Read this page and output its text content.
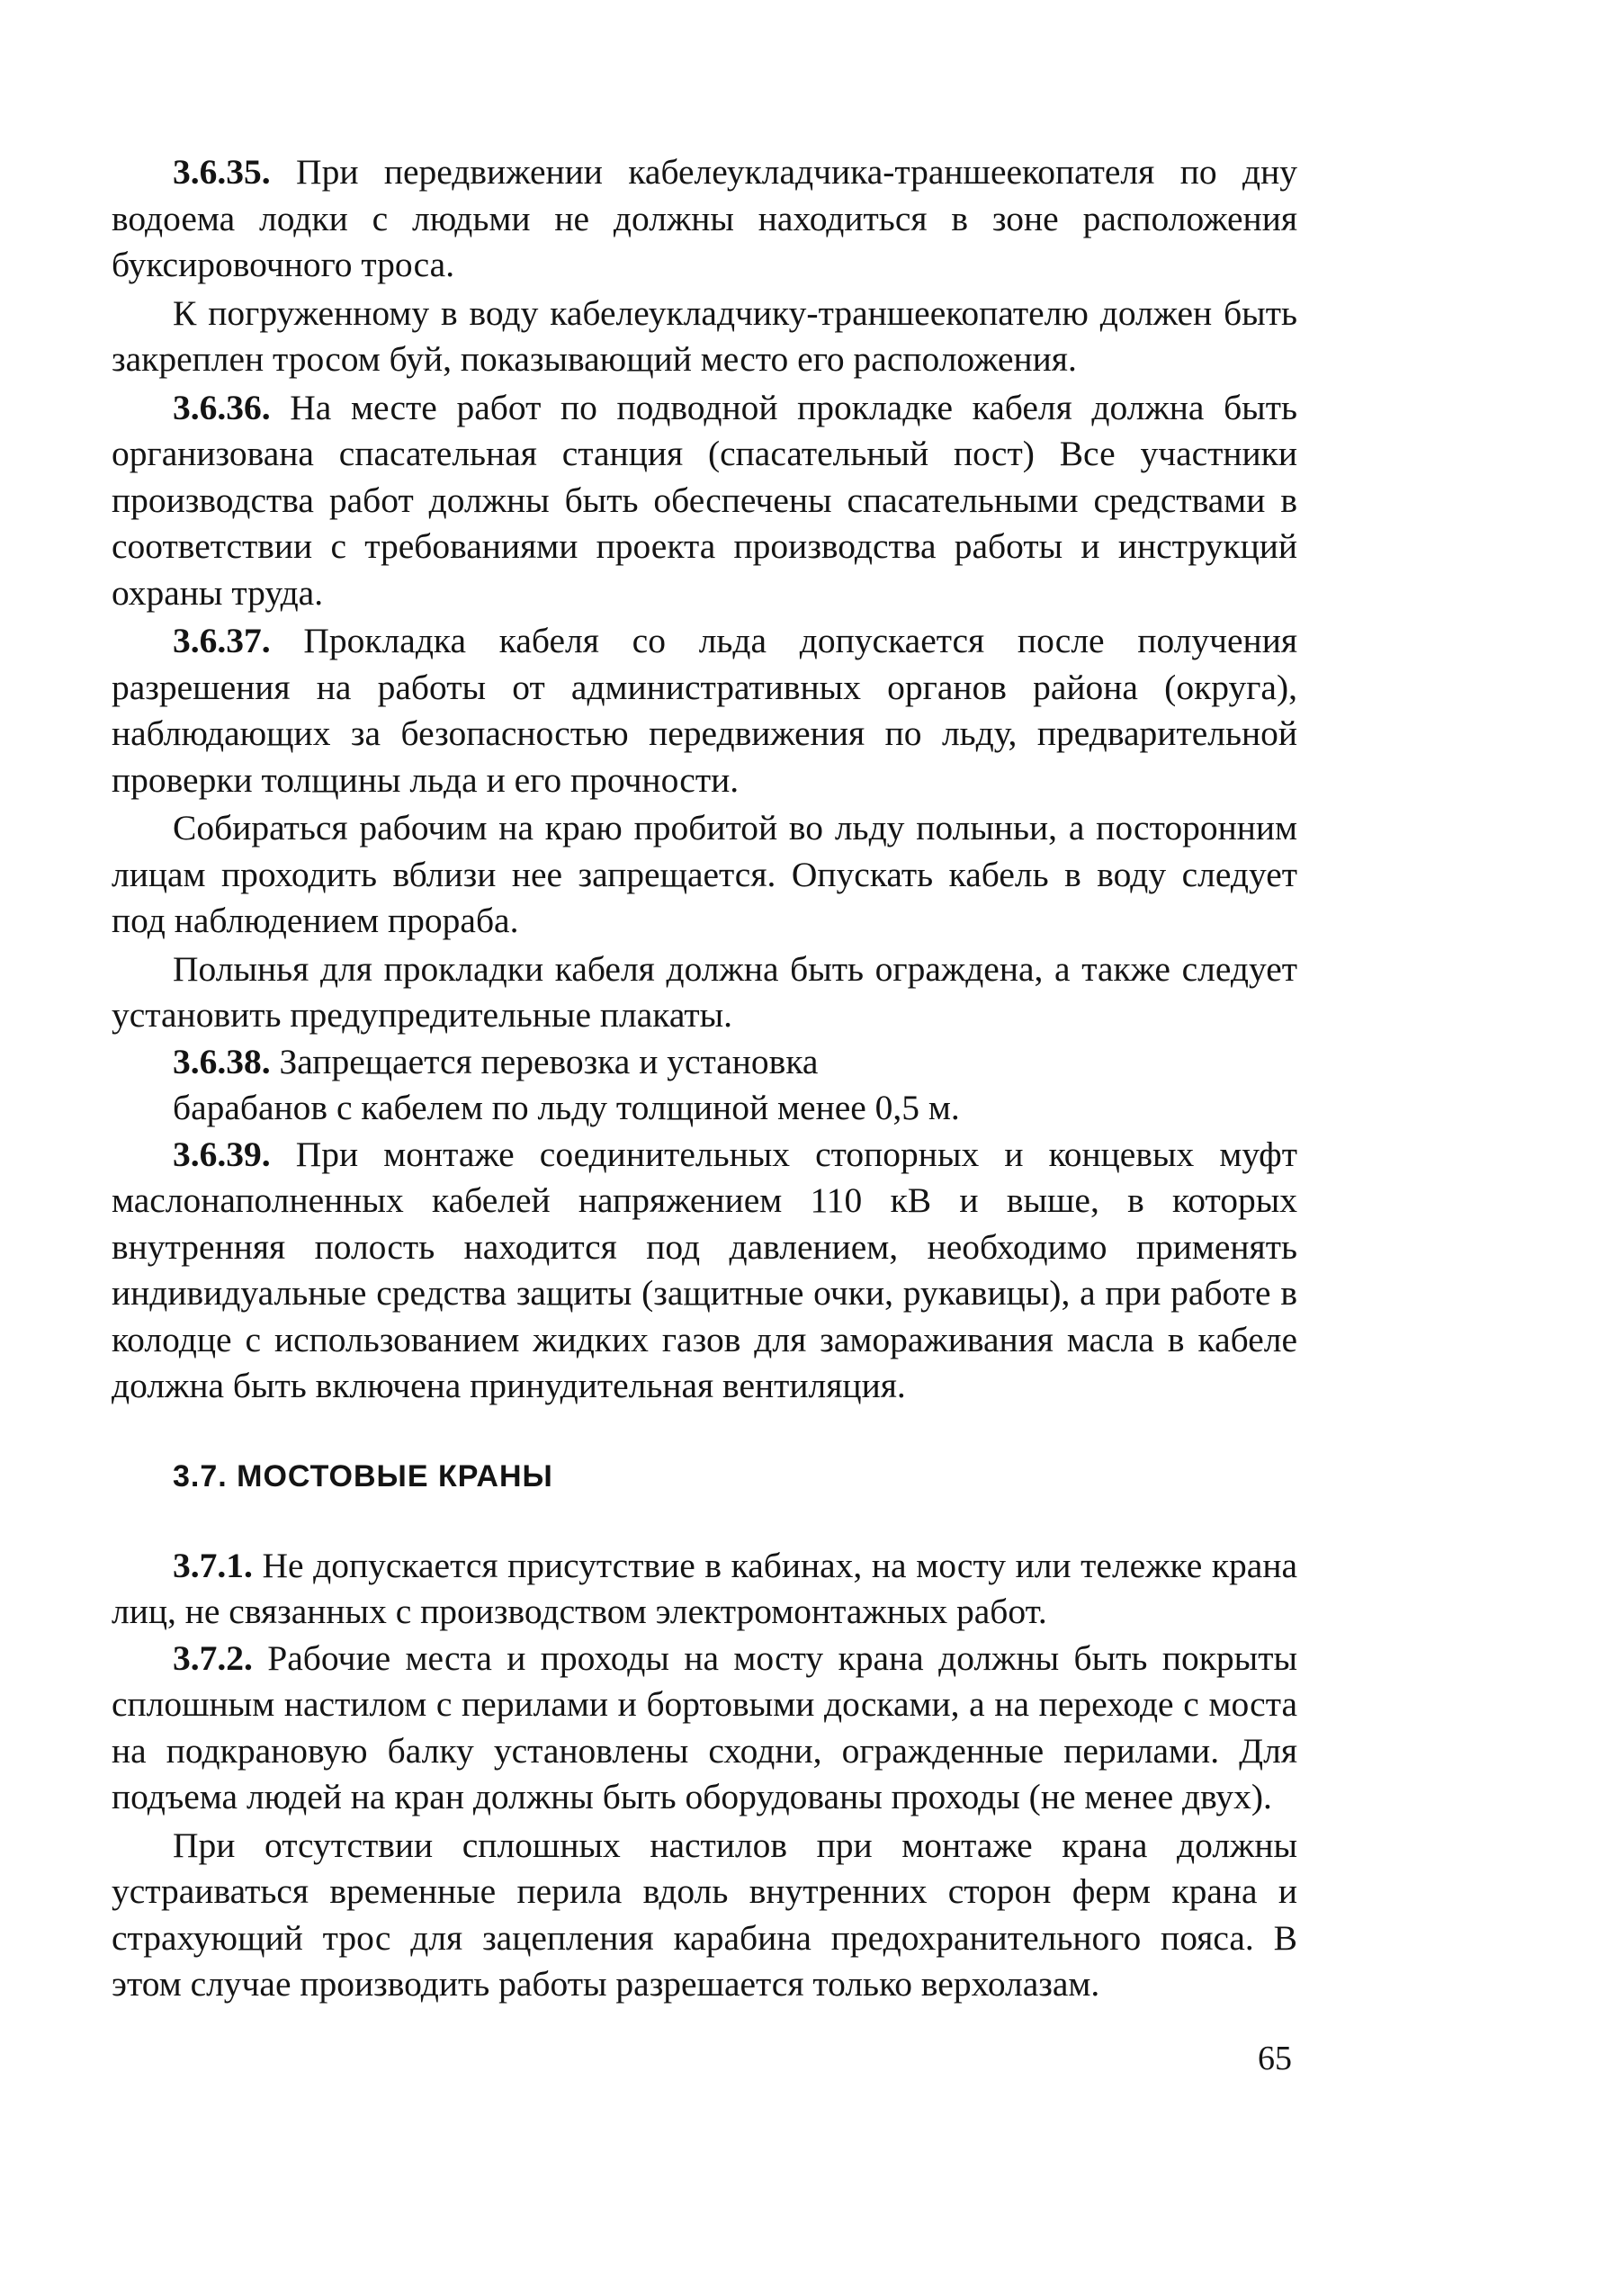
3.6.35. При передвижении кабелеукладчика-траншеекопателя по дну водоема лодки с людьми не должны находиться в зоне расположения буксировочного троса.

К погруженному в воду кабелеукладчику-траншеекопателю должен быть закреплен тросом буй, показывающий место его расположения.

3.6.36. На месте работ по подводной прокладке кабеля должна быть организована спасательная станция (спасательный пост) Все участники производства работ должны быть обеспечены спасательными средствами в соответствии с требованиями проекта производства работы и инструкций охраны труда.

3.6.37. Прокладка кабеля со льда допускается после получения разрешения на работы от административных органов района (округа), наблюдающих за безопасностью передвижения по льду, предварительной проверки толщины льда и его прочности.

Собираться рабочим на краю пробитой во льду полыньи, а посторонним лицам проходить вблизи нее запрещается. Опускать кабель в воду следует под наблюдением прораба.

Полынья для прокладки кабеля должна быть ограждена, а также следует установить предупредительные плакаты.

3.6.38. Запрещается перевозка и установка

барабанов с кабелем по льду толщиной менее 0,5 м.

3.6.39. При монтаже соединительных стопорных и концевых муфт маслонаполненных кабелей напряжением 110 кВ и выше, в которых внутренняя полость находится под давлением, необходимо применять индивидуальные средства защиты (защитные очки, рукавицы), а при работе в колодце с использованием жидких газов для замораживания масла в кабеле должна быть включена принудительная вентиляция.

3.7. МОСТОВЫЕ КРАНЫ

3.7.1. Не допускается присутствие в кабинах, на мосту или тележке крана лиц, не связанных с производством электромонтажных работ.

3.7.2. Рабочие места и проходы на мосту крана должны быть покрыты сплошным настилом с перилами и бортовыми досками, а на переходе с моста на подкрановую балку установлены сходни, огражденные перилами. Для подъема людей на кран должны быть оборудованы проходы (не менее двух).

При отсутствии сплошных настилов при монтаже крана должны устраиваться временные перила вдоль внутренних сторон ферм крана и страхующий трос для зацепления карабина предохранительного пояса. В этом случае производить работы разрешается только верхолазам.

65
